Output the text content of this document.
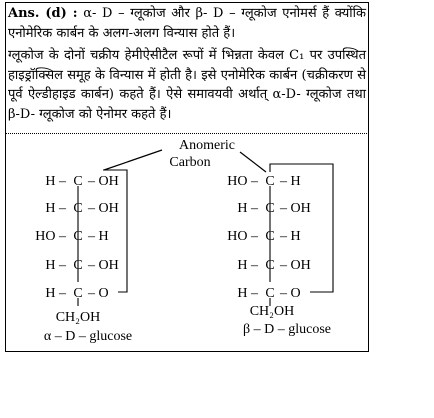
Ans. (d) : α- D – ग्लूकोज और β- D – ग्लूकोज एनोमर्स हैं क्योंकि एनोमेरिक कार्बन के अलग-अलग विन्यास होते हैं।

ग्लूकोज के दोनों चक्रीय हेमीऐसीटैल रूपों में भिन्नता केवल C₁ पर उपस्थित हाइड्रॉक्सिल समूह के विन्यास में होती है। इसे एनोमेरिक कार्बन (चक्रीकरण से पूर्व ऐल्डीहाइड कार्बन) कहते हैं। ऐसे समावयवी अर्थात् α-D- ग्लूकोज तथा β-D- ग्लूकोज को ऐनोमर कहते हैं।

Anomeric
Carbon
H – C – OH
H – C – OH
HO – C – H
H – C – OH
H – C – O
CH₂OH
α – D – glucose
HO – C – H
H – C – OH
HO – C – H
H – C – OH
H – C – O
CH₂OH
β – D – glucose
